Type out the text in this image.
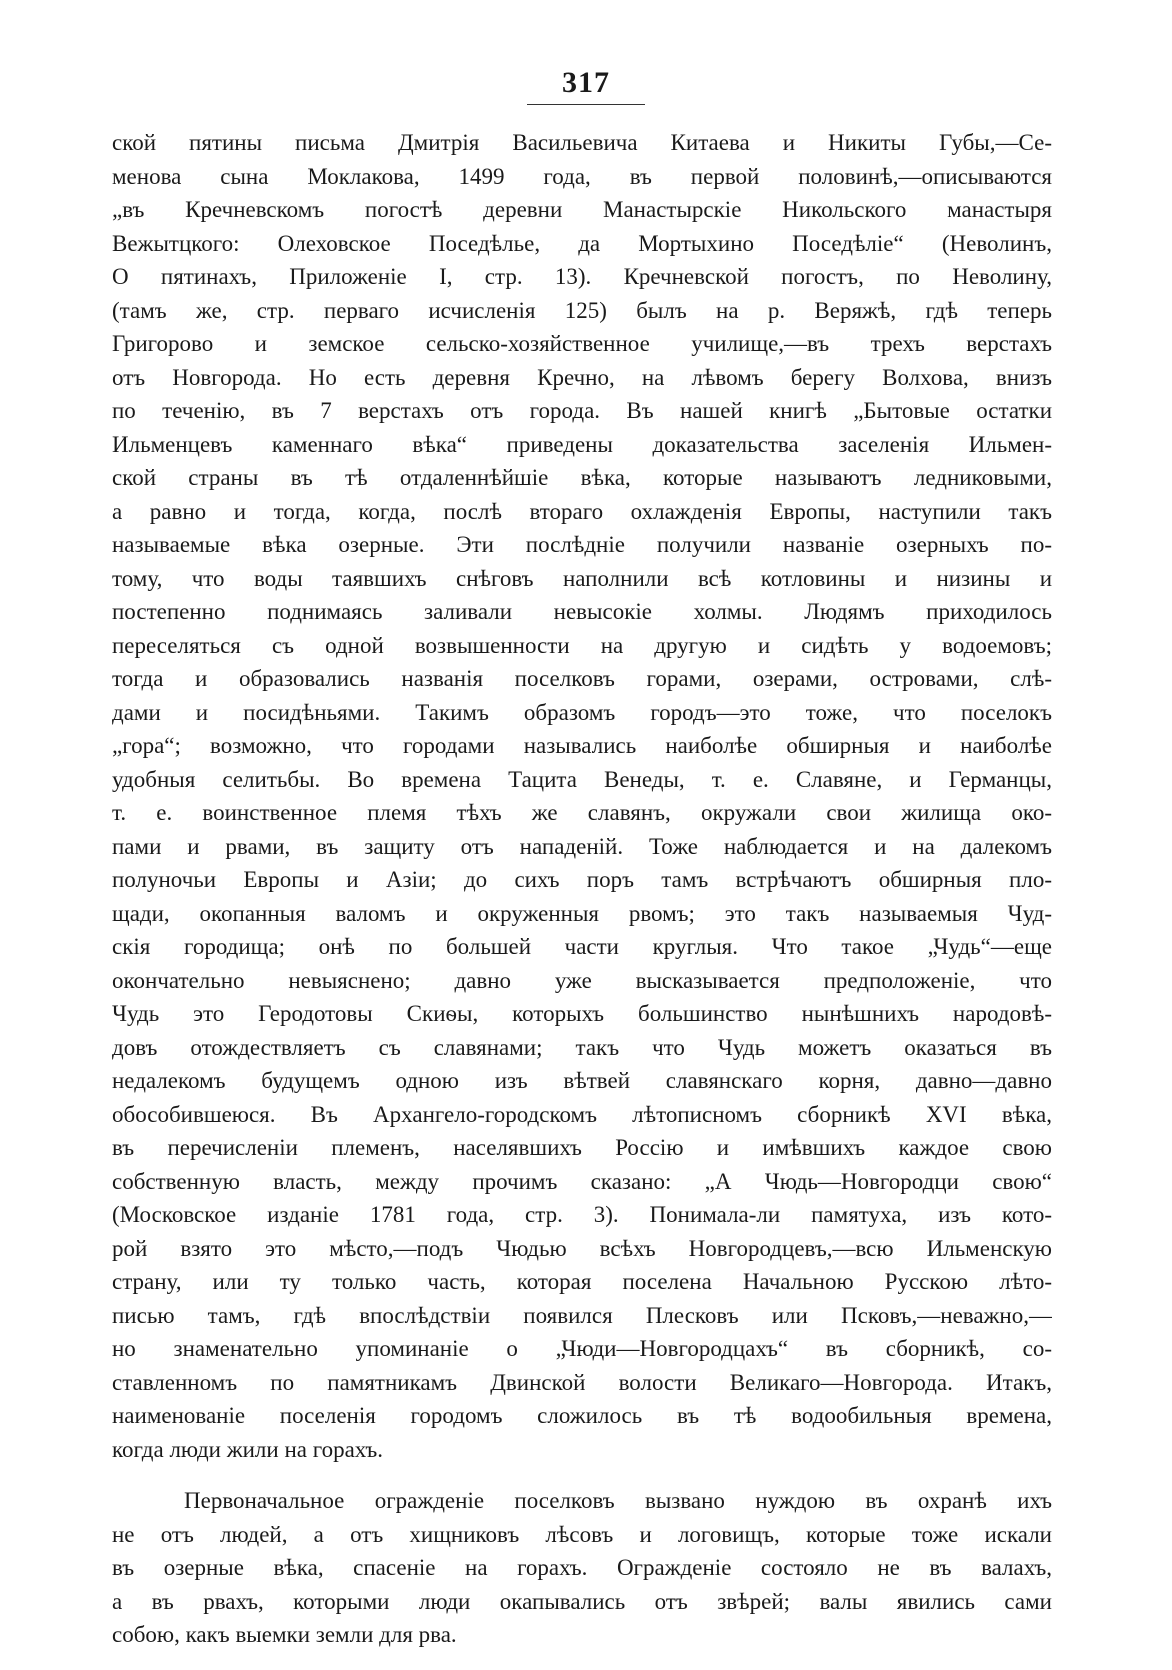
317
ской пятины письма Дмитрія Васильевича Китаева и Никиты Губы,—Се-
менова сына Моклакова, 1499 года, въ первой половинѣ,—описываются
„въ Кречневскомъ погостѣ деревни Манастырскіе Никольского манастыря
Вежытцкого: Олеховское Поседѣлье, да Мортыхино Поседѣліе“ (Неволинъ,
О пятинахъ, Приложеніе I, стр. 13). Кречневской погостъ, по Неволину,
(тамъ же, стр. перваго исчисленія 125) былъ на р. Веряжѣ, гдѣ теперь
Григорово и земское сельско-хозяйственное училище,—въ трехъ верстахъ
отъ Новгорода. Но есть деревня Кречно, на лѣвомъ берегу Волхова, внизъ
по теченію, въ 7 верстахъ отъ города. Въ нашей книгѣ „Бытовые остатки
Ильменцевъ каменнаго вѣка“ приведены доказательства заселенія Ильмен-
ской страны въ тѣ отдаленнѣйшіе вѣка, которые называютъ ледниковыми,
а равно и тогда, когда, послѣ втораго охлажденія Европы, наступили такъ
называемые вѣка озерные. Эти послѣдніе получили названіе озерныхъ по-
тому, что воды таявшихъ снѣговъ наполнили всѣ котловины и низины и
постепенно поднимаясь заливали невысокіе холмы. Людямъ приходилось
переселяться съ одной возвышенности на другую и сидѣть у водоемовъ;
тогда и образовались названія поселковъ горами, озерами, островами, слѣ-
дами и посидѣньями. Такимъ образомъ городъ—это тоже, что поселокъ
„гора“; возможно, что городами назывались наиболѣе обширныя и наиболѣе
удобныя селитьбы. Во времена Тацита Венеды, т. е. Славяне, и Германцы,
т. е. воинственное племя тѣхъ же славянъ, окружали свои жилища око-
пами и рвами, въ защиту отъ нападеній. Тоже наблюдается и на далекомъ
полуночьи Европы и Азіи; до сихъ поръ тамъ встрѣчаютъ обширныя пло-
щади, окопанныя валомъ и окруженныя рвомъ; это такъ называемыя Чуд-
скія городища; онѣ по большей части круглыя. Что такое „Чудь“—еще
окончательно невыяснено; давно уже высказывается предположеніе, что
Чудь это Геродотовы Скиѳы, которыхъ большинство нынѣшнихъ народовѣ-
довъ отождествляетъ съ славянами; такъ что Чудь можетъ оказаться въ
недалекомъ будущемъ одною изъ вѣтвей славянскаго корня, давно—давно
обособившеюся. Въ Архангело-городскомъ лѣтописномъ сборникѣ XVI вѣка,
въ перечисленіи племенъ, населявшихъ Россію и имѣвшихъ каждое свою
собственную власть, между прочимъ сказано: „А Чюдь—Новгородци свою“
(Московское изданіе 1781 года, стр. 3). Понимала-ли памятуха, изъ кото-
рой взято это мѣсто,—подъ Чюдью всѣхъ Новгородцевъ,—всю Ильменскую
страну, или ту только часть, которая поселена Начальною Русскою лѣто-
писью тамъ, гдѣ впослѣдствіи появился Плесковъ или Псковъ,—неважно,—
но знаменательно упоминаніе о „Чюди—Новгородцахъ“ въ сборникѣ, со-
ставленномъ по памятникамъ Двинской волости Великаго—Новгорода. Итакъ,
наименованіе поселенія городомъ сложилось въ тѣ водообильныя времена,
когда люди жили на горахъ.
Первоначальное огражденіе поселковъ вызвано нуждою въ охранѣ ихъ
не отъ людей, а отъ хищниковъ лѣсовъ и логовищъ, которые тоже искали
въ озерные вѣка, спасеніе на горахъ. Огражденіе состояло не въ валахъ,
а въ рвахъ, которыми люди окапывались отъ звѣрей; валы явились сами
собою, какъ выемки земли для рва.
